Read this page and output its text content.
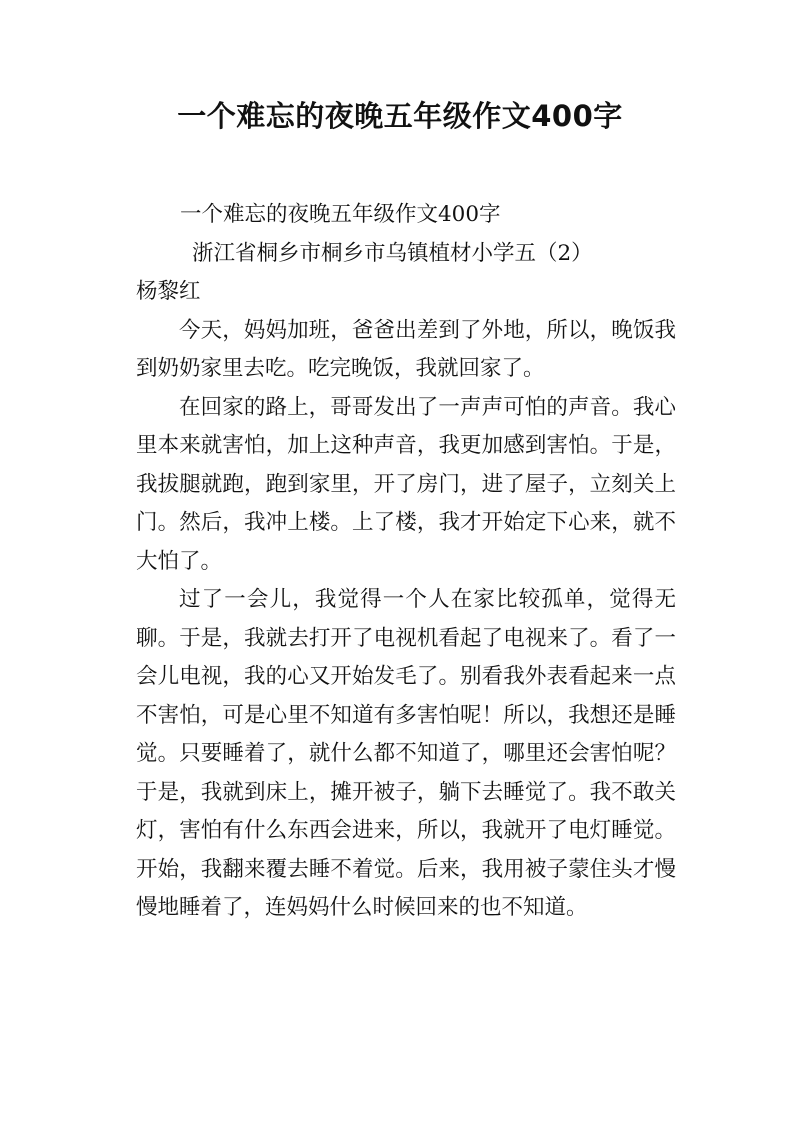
一个难忘的夜晚五年级作文400字
一个难忘的夜晚五年级作文400字
浙江省桐乡市桐乡市乌镇植材小学五（2）
杨黎红

今天，妈妈加班，爸爸出差到了外地，所以，晚饭我到奶奶家里去吃。吃完晚饭，我就回家了。

在回家的路上，哥哥发出了一声声可怕的声音。我心里本来就害怕，加上这种声音，我更加感到害怕。于是，我拔腿就跑，跑到家里，开了房门，进了屋子，立刻关上门。然后，我冲上楼。上了楼，我才开始定下心来，就不大怕了。

过了一会儿，我觉得一个人在家比较孤单，觉得无聊。于是，我就去打开了电视机看起了电视来了。看了一会儿电视，我的心又开始发毛了。别看我外表看起来一点不害怕，可是心里不知道有多害怕呢！所以，我想还是睡觉。只要睡着了，就什么都不知道了，哪里还会害怕呢？于是，我就到床上，摊开被子，躺下去睡觉了。我不敢关灯，害怕有什么东西会进来，所以，我就开了电灯睡觉。开始，我翻来覆去睡不着觉。后来，我用被子蒙住头才慢慢地睡着了，连妈妈什么时候回来的也不知道。
